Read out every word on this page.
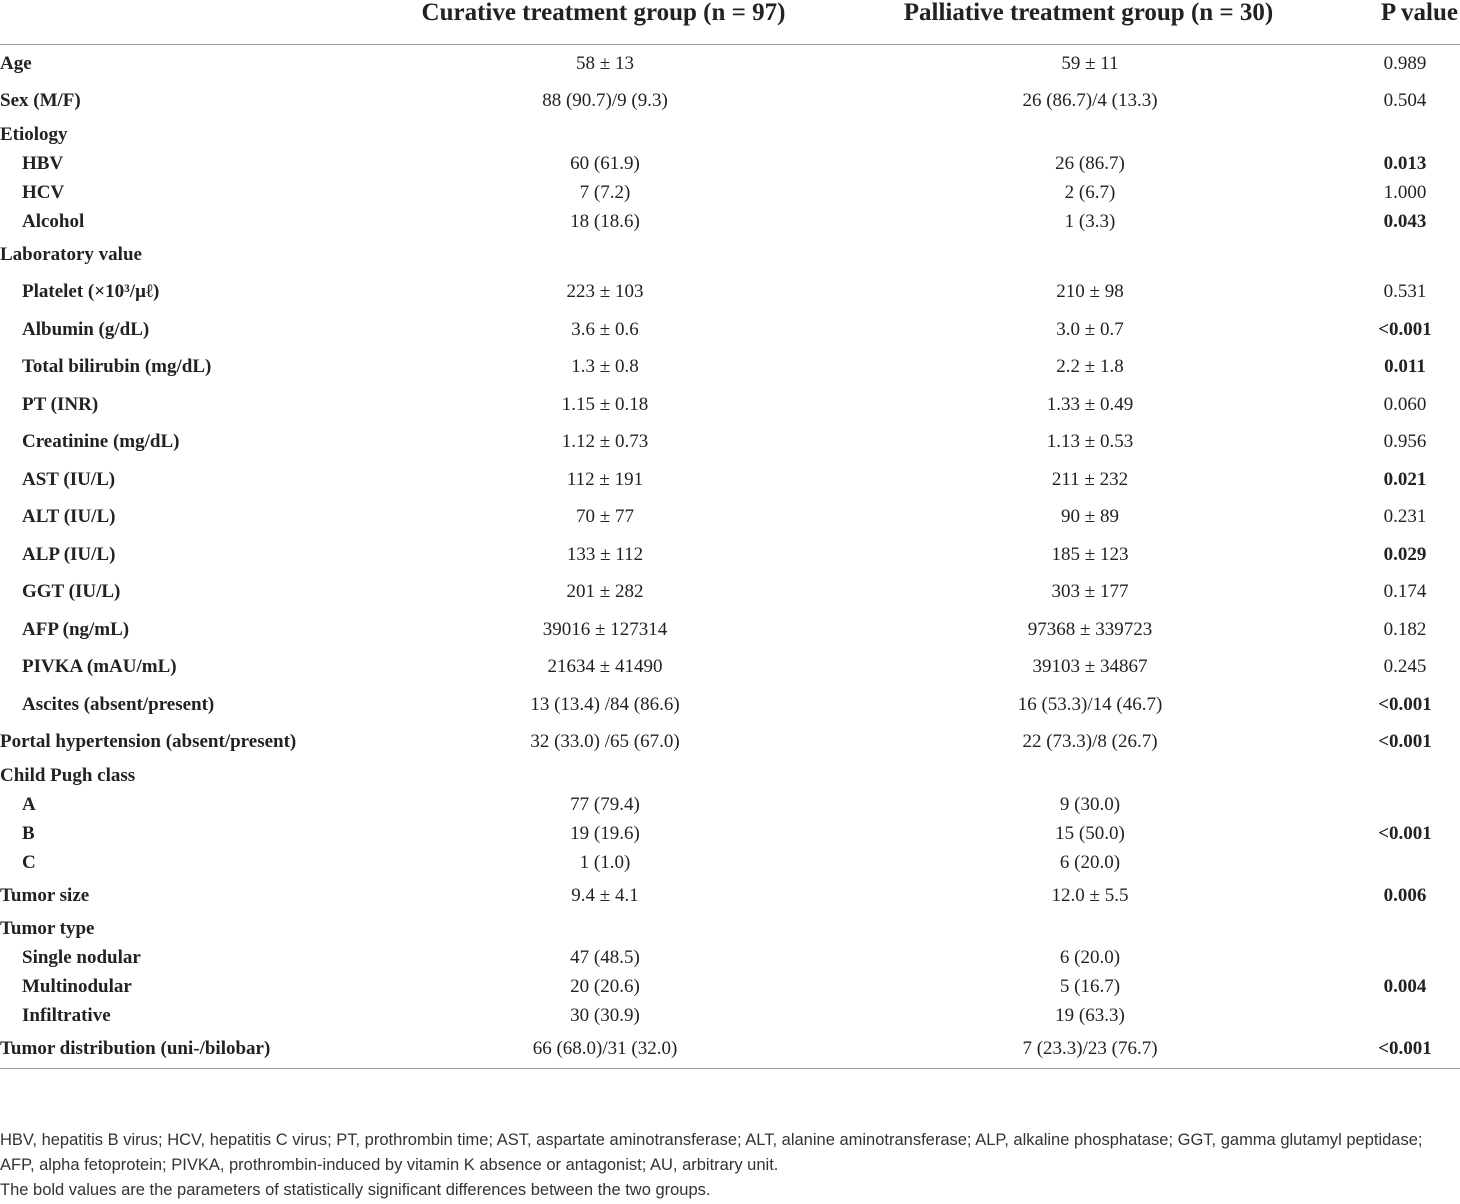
	Curative treatment group (n = 97)	Palliative treatment group (n = 30)	P value
Age	58 ± 13	59 ± 11	0.989
Sex (M/F)	88 (90.7)/9 (9.3)	26 (86.7)/4 (13.3)	0.504
Etiology			
HBV	60 (61.9)	26 (86.7)	0.013
HCV	7 (7.2)	2 (6.7)	1.000
Alcohol	18 (18.6)	1 (3.3)	0.043
Laboratory value			
Platelet (×10³/μℓ)	223 ± 103	210 ± 98	0.531
Albumin (g/dL)	3.6 ± 0.6	3.0 ± 0.7	<0.001
Total bilirubin (mg/dL)	1.3 ± 0.8	2.2 ± 1.8	0.011
PT (INR)	1.15 ± 0.18	1.33 ± 0.49	0.060
Creatinine (mg/dL)	1.12 ± 0.73	1.13 ± 0.53	0.956
AST (IU/L)	112 ± 191	211 ± 232	0.021
ALT (IU/L)	70 ± 77	90 ± 89	0.231
ALP (IU/L)	133 ± 112	185 ± 123	0.029
GGT (IU/L)	201 ± 282	303 ± 177	0.174
AFP (ng/mL)	39016 ± 127314	97368 ± 339723	0.182
PIVKA (mAU/mL)	21634 ± 41490	39103 ± 34867	0.245
Ascites (absent/present)	13 (13.4) /84 (86.6)	16 (53.3)/14 (46.7)	<0.001
Portal hypertension (absent/present)	32 (33.0) /65 (67.0)	22 (73.3)/8 (26.7)	<0.001
Child Pugh class			
A	77 (79.4)	9 (30.0)	
B	19 (19.6)	15 (50.0)	<0.001
C	1 (1.0)	6 (20.0)	
Tumor size	9.4 ± 4.1	12.0 ± 5.5	0.006
Tumor type			
Single nodular	47 (48.5)	6 (20.0)	
Multinodular	20 (20.6)	5 (16.7)	0.004
Infiltrative	30 (30.9)	19 (63.3)	
Tumor distribution (uni-/bilobar)	66 (68.0)/31 (32.0)	7 (23.3)/23 (76.7)	<0.001

HBV, hepatitis B virus; HCV, hepatitis C virus; PT, prothrombin time; AST, aspartate aminotransferase; ALT, alanine aminotransferase; ALP, alkaline phosphatase; GGT, gamma glutamyl peptidase; AFP, alpha fetoprotein; PIVKA, prothrombin-induced by vitamin K absence or antagonist; AU, arbitrary unit.

The bold values are the parameters of statistically significant differences between the two groups.
